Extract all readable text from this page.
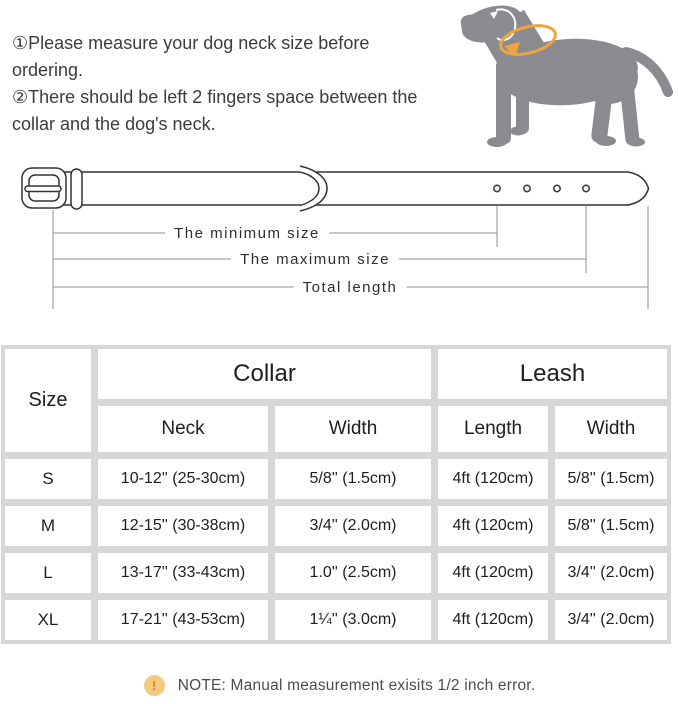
①Please measure your dog neck size before ordering.

②There should be left 2 fingers space between the collar and the dog's neck.

The minimum size
The maximum size
Total length
Size
Collar	Leash
Neck	Width	Length	Width
S	10-12'' (25-30cm)	5/8'' (1.5cm)	4ft (120cm)	5/8'' (1.5cm)
M	12-15'' (30-38cm)	3/4'' (2.0cm)	4ft (120cm)	5/8'' (1.5cm)
L	13-17'' (33-43cm)	1.0'' (2.5cm)	4ft (120cm)	3/4'' (2.0cm)
XL	17-21'' (43-53cm)	1¼'' (3.0cm)	4ft (120cm)	3/4'' (2.0cm)
!	NOTE: Manual measurement exisits 1/2 inch error.
